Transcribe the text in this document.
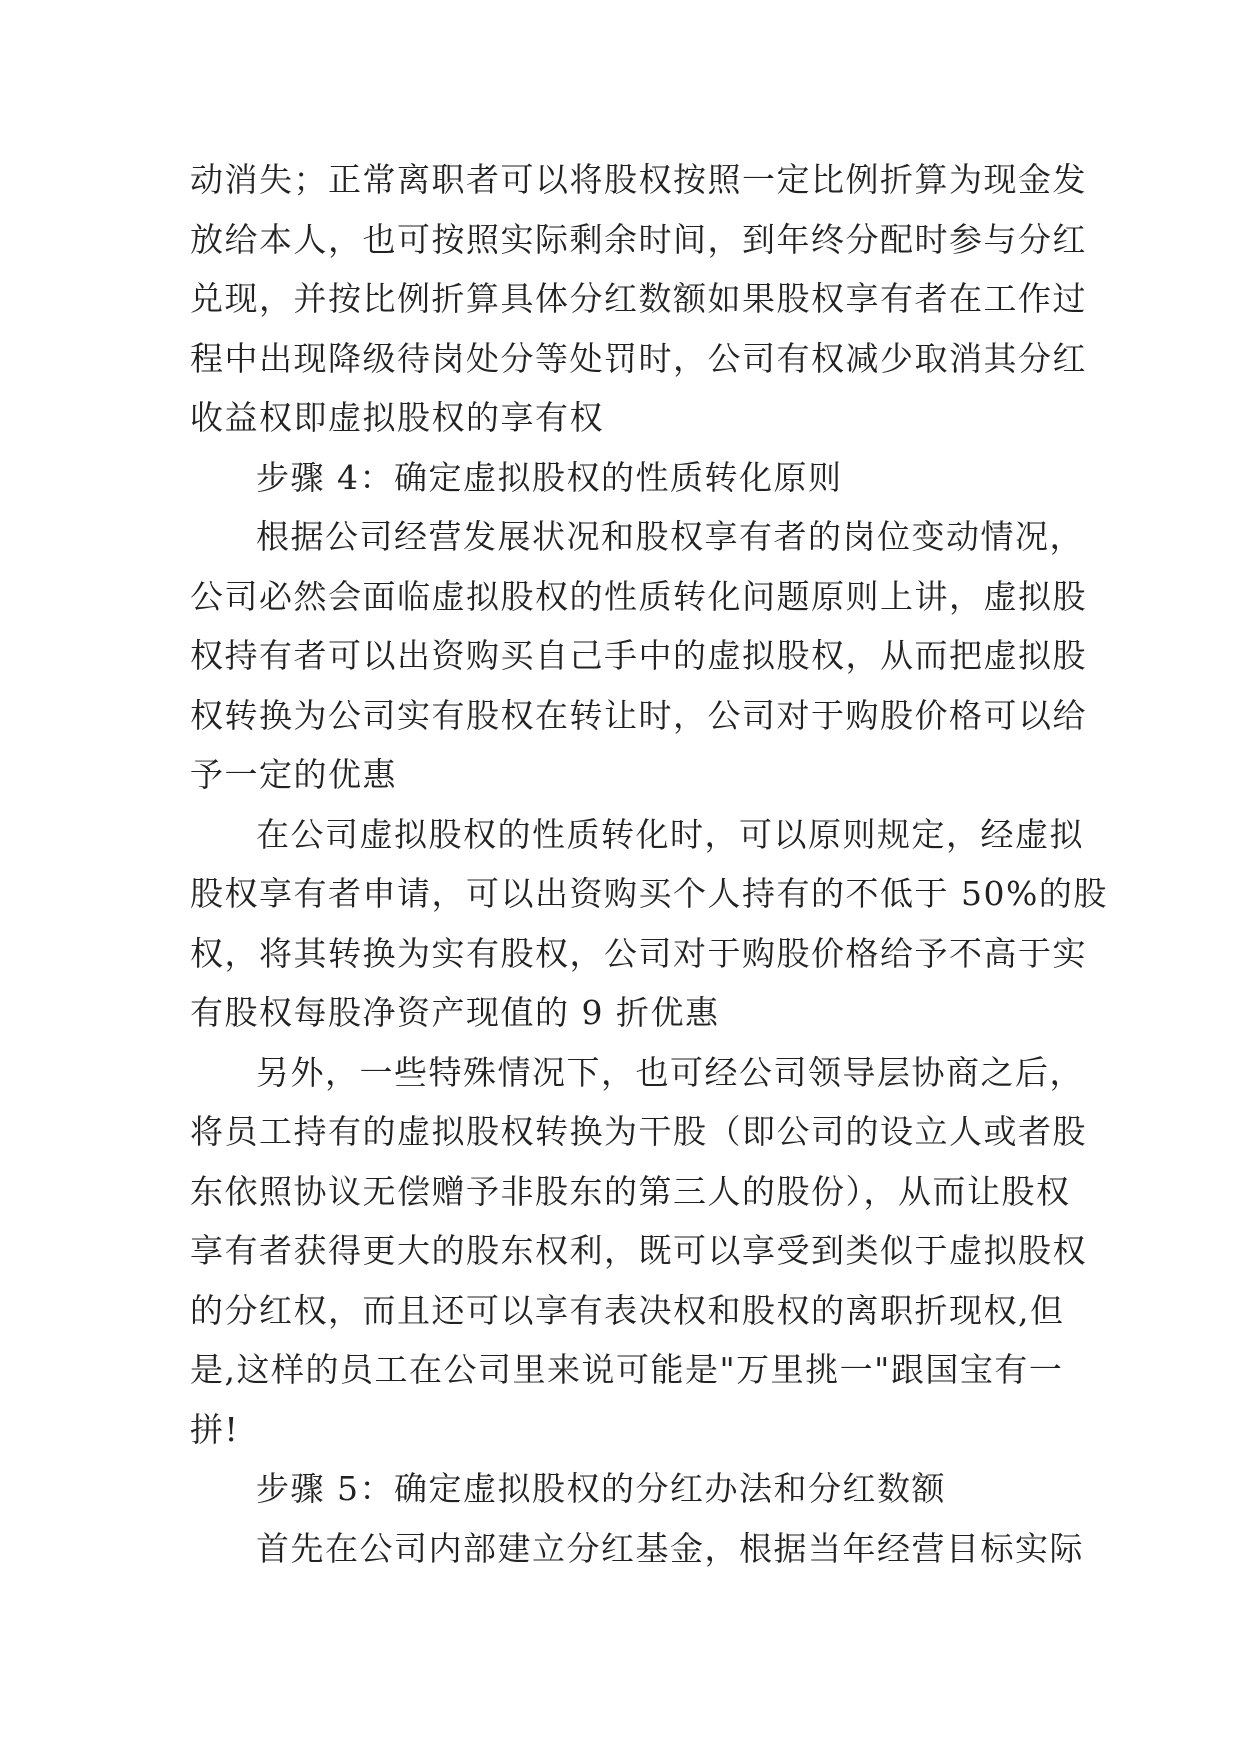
动消失；正常离职者可以将股权按照一定比例折算为现金发
放给本人，也可按照实际剩余时间，到年终分配时参与分红
兑现，并按比例折算具体分红数额如果股权享有者在工作过
程中出现降级待岗处分等处罚时，公司有权减少取消其分红
收益权即虚拟股权的享有权
步骤 4：确定虚拟股权的性质转化原则
根据公司经营发展状况和股权享有者的岗位变动情况，
公司必然会面临虚拟股权的性质转化问题原则上讲，虚拟股
权持有者可以出资购买自己手中的虚拟股权，从而把虚拟股
权转换为公司实有股权在转让时，公司对于购股价格可以给
予一定的优惠
在公司虚拟股权的性质转化时，可以原则规定，经虚拟
股权享有者申请，可以出资购买个人持有的不低于 50%的股
权，将其转换为实有股权，公司对于购股价格给予不高于实
有股权每股净资产现值的 9 折优惠
另外，一些特殊情况下，也可经公司领导层协商之后，
将员工持有的虚拟股权转换为干股（即公司的设立人或者股
东依照协议无偿赠予非股东的第三人的股份），从而让股权
享有者获得更大的股东权利，既可以享受到类似于虚拟股权
的分红权，而且还可以享有表决权和股权的离职折现权,但
是,这样的员工在公司里来说可能是"万里挑一"跟国宝有一
拼!
步骤 5：确定虚拟股权的分红办法和分红数额
首先在公司内部建立分红基金，根据当年经营目标实际
